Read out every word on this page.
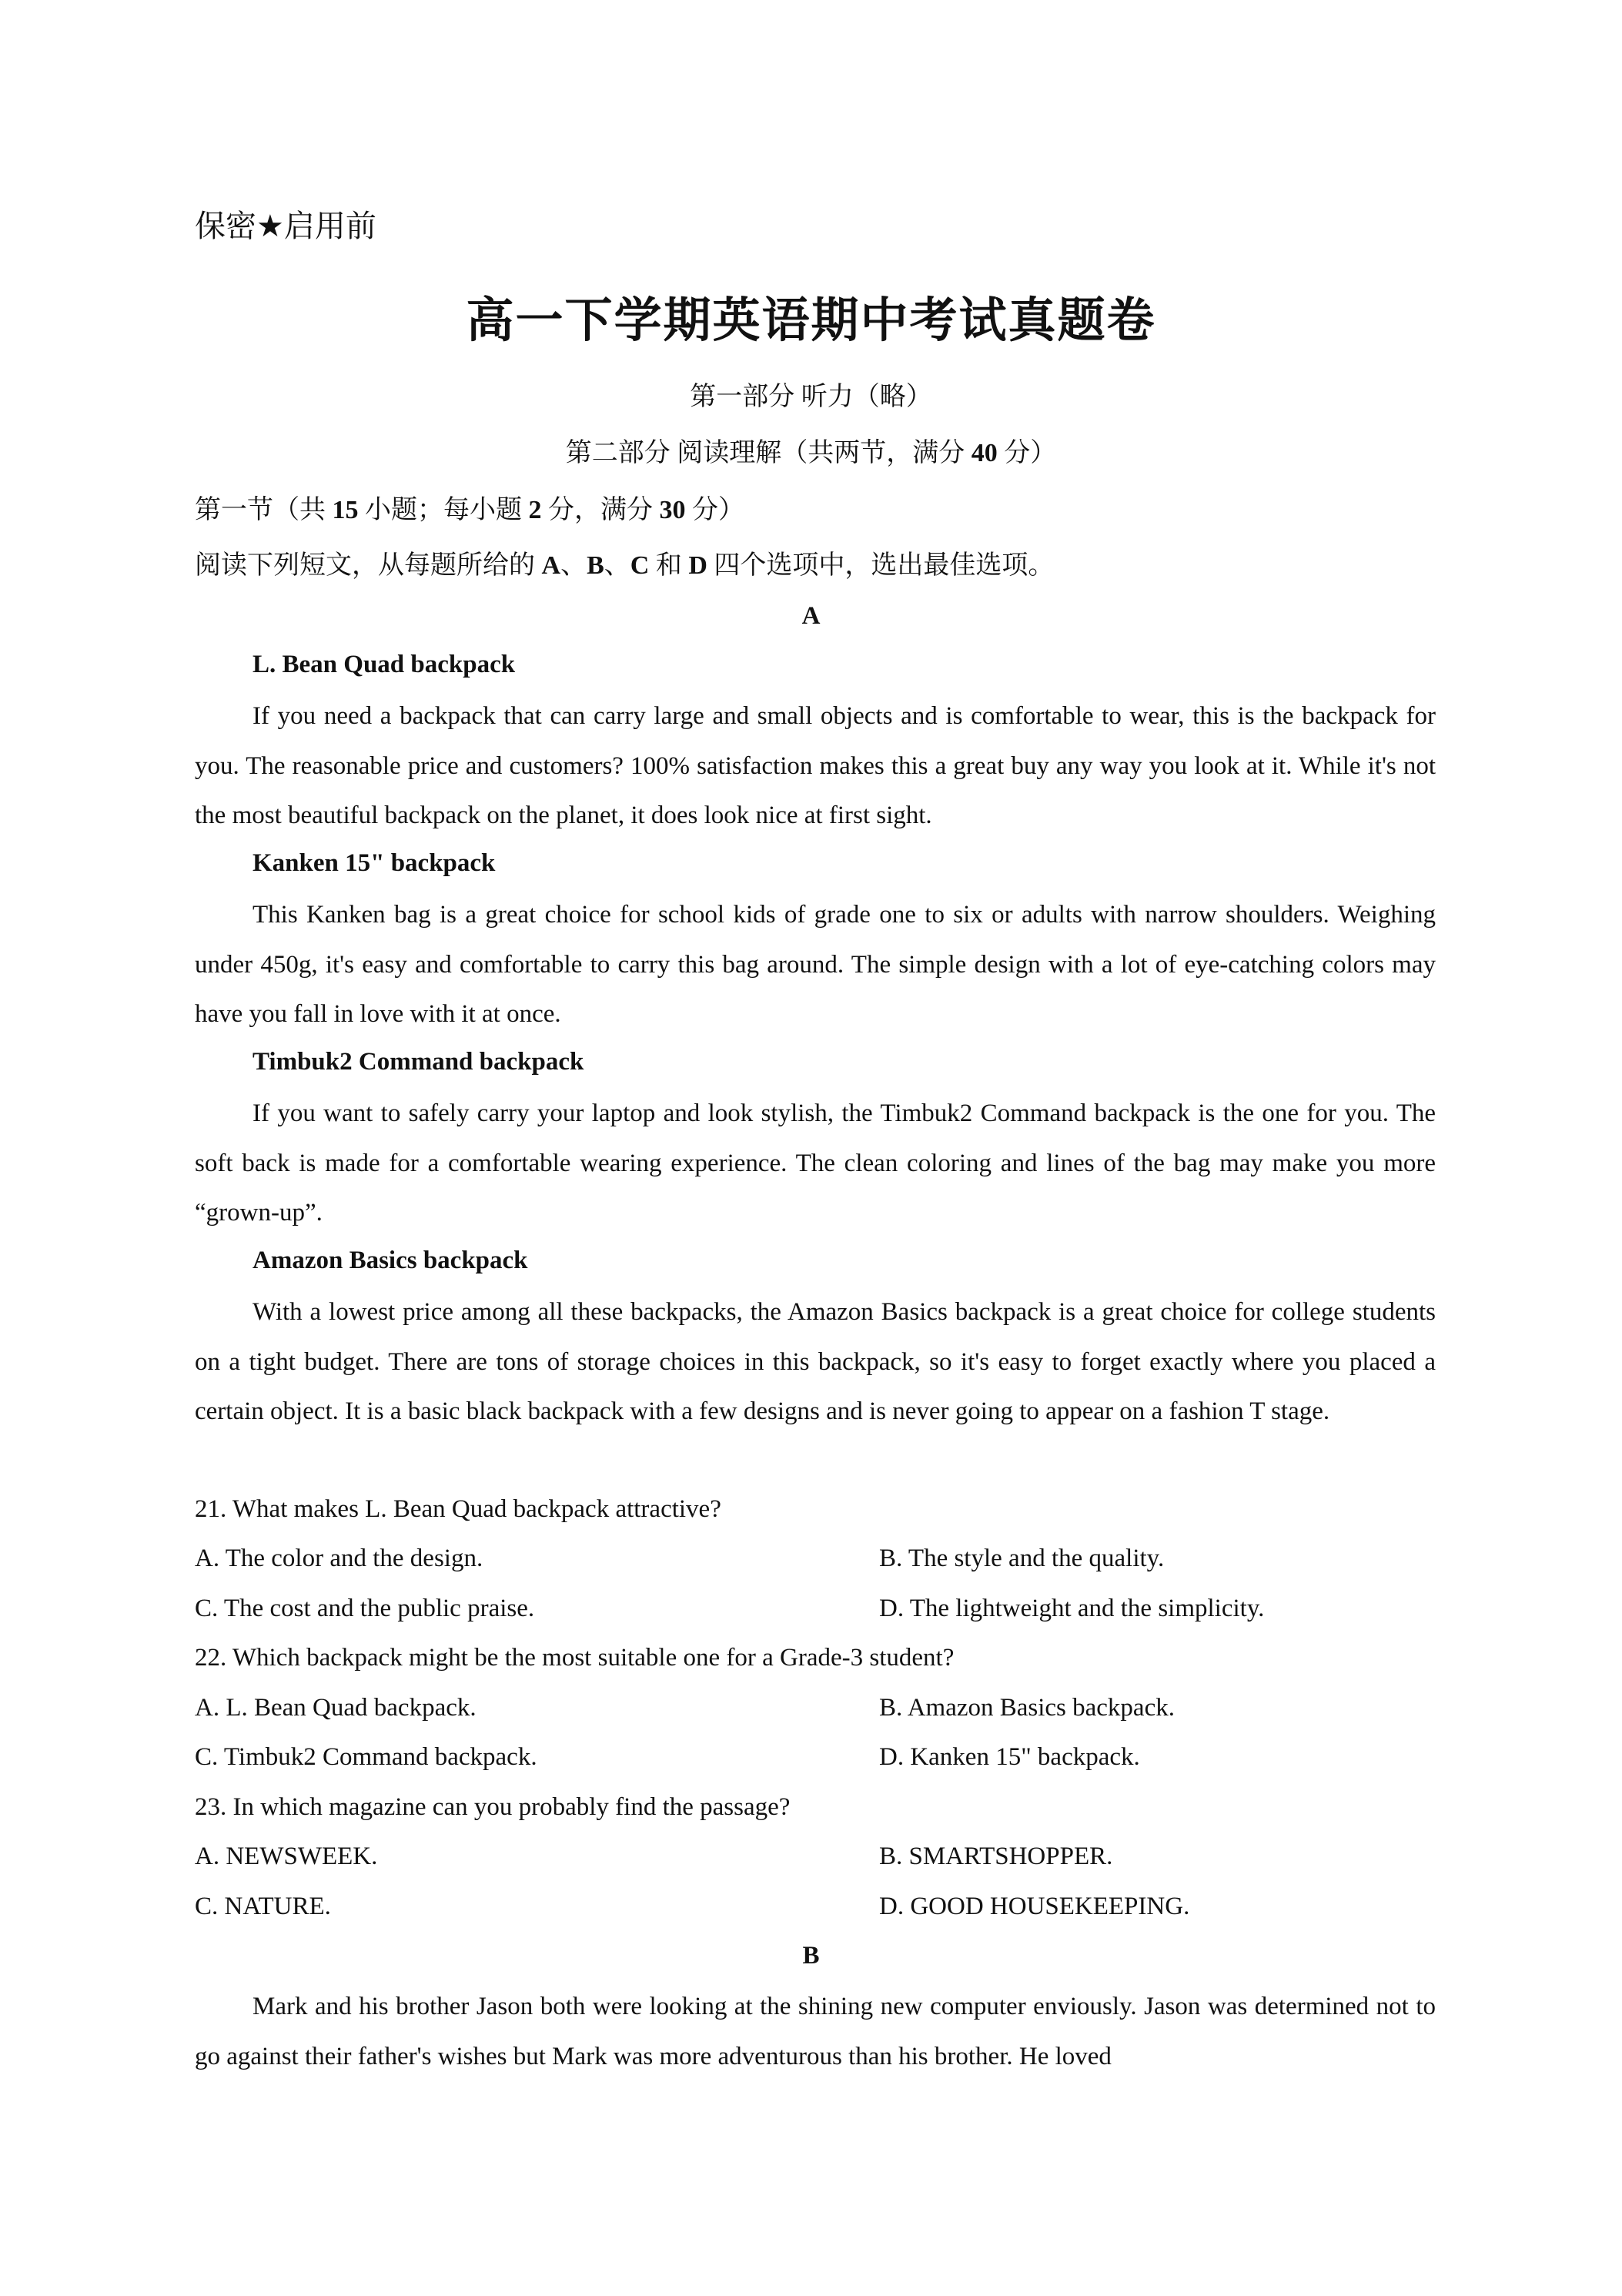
保密★启用前
高一下学期英语期中考试真题卷
第一部分 听力（略）
第二部分 阅读理解（共两节，满分 40 分）
第一节（共 15 小题；每小题 2 分，满分 30 分）
阅读下列短文，从每题所给的 A、B、C 和 D 四个选项中，选出最佳选项。
A
L. Bean Quad backpack
If you need a backpack that can carry large and small objects and is comfortable to wear, this is the backpack for you. The reasonable price and customers? 100% satisfaction makes this a great buy any way you look at it. While it's not the most beautiful backpack on the planet, it does look nice at first sight.
Kanken 15" backpack
This Kanken bag is a great choice for school kids of grade one to six or adults with narrow shoulders. Weighing under 450g, it's easy and comfortable to carry this bag around. The simple design with a lot of eye-catching colors may have you fall in love with it at once.
Timbuk2 Command backpack
If you want to safely carry your laptop and look stylish, the Timbuk2 Command backpack is the one for you. The soft back is made for a comfortable wearing experience. The clean coloring and lines of the bag may make you more “grown-up”.
Amazon Basics backpack
With a lowest price among all these backpacks, the Amazon Basics backpack is a great choice for college students on a tight budget. There are tons of storage choices in this backpack, so it's easy to forget exactly where you placed a certain object. It is a basic black backpack with a few designs and is never going to appear on a fashion T stage.
21. What makes L. Bean Quad backpack attractive?
A. The color and the design.	B. The style and the quality.
C. The cost and the public praise.	D. The lightweight and the simplicity.
22. Which backpack might be the most suitable one for a Grade-3 student?
A. L. Bean Quad backpack.	B. Amazon Basics backpack.
C. Timbuk2 Command backpack.	D. Kanken 15" backpack.
23. In which magazine can you probably find the passage?
A. NEWSWEEK.	B. SMARTSHOPPER.
C. NATURE.	D. GOOD HOUSEKEEPING.
B
Mark and his brother Jason both were looking at the shining new computer enviously. Jason was determined not to go against their father's wishes but Mark was more adventurous than his brother. He loved
